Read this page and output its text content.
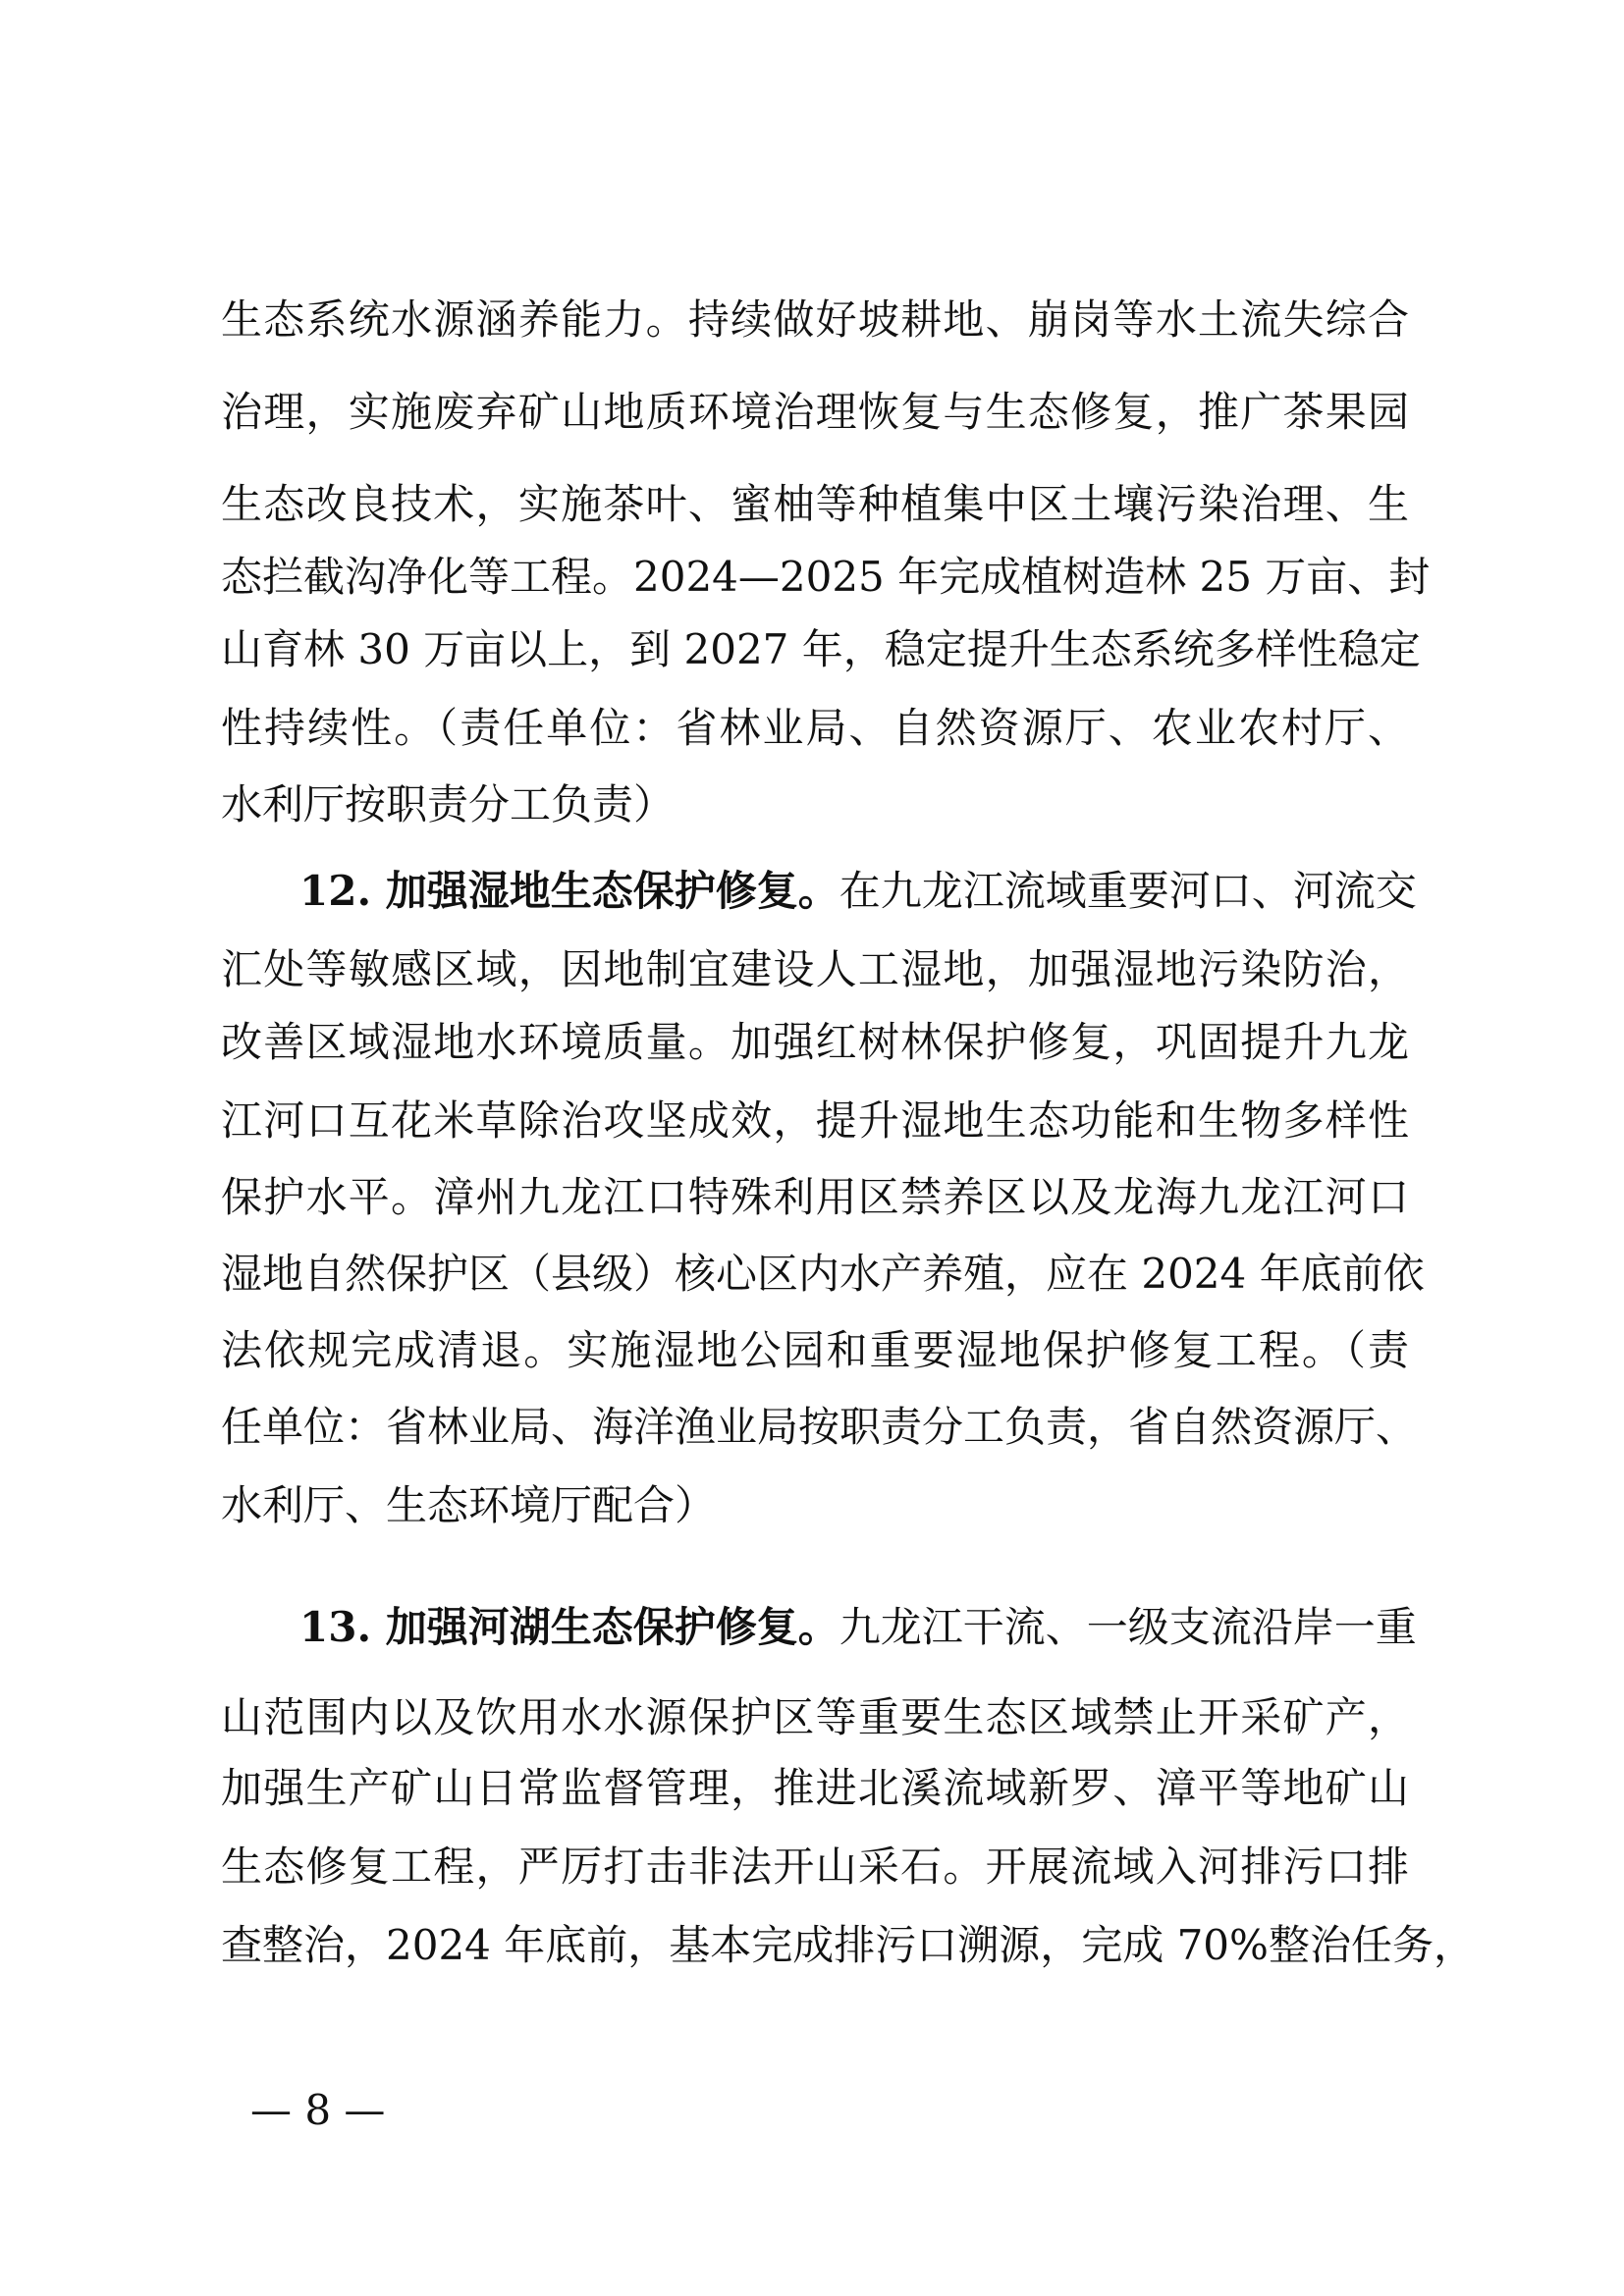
生态系统水源涵养能力。持续做好坡耕地、崩岗等水土流失综合
治理，实施废弃矿山地质环境治理恢复与生态修复，推广茶果园
生态改良技术，实施茶叶、蜜柚等种植集中区土壤污染治理、生
态拦截沟净化等工程。2024—2025 年完成植树造林 25 万亩、封
山育林 30 万亩以上，到 2027 年，稳定提升生态系统多样性稳定
性持续性。（责任单位：省林业局、自然资源厅、农业农村厅、
水利厅按职责分工负责）
12. 加强湿地生态保护修复。在九龙江流域重要河口、河流交
汇处等敏感区域，因地制宜建设人工湿地，加强湿地污染防治，
改善区域湿地水环境质量。加强红树林保护修复，巩固提升九龙
江河口互花米草除治攻坚成效，提升湿地生态功能和生物多样性
保护水平。漳州九龙江口特殊利用区禁养区以及龙海九龙江河口
湿地自然保护区（县级）核心区内水产养殖，应在 2024 年底前依
法依规完成清退。实施湿地公园和重要湿地保护修复工程。（责
任单位：省林业局、海洋渔业局按职责分工负责，省自然资源厅、
水利厅、生态环境厅配合）
13. 加强河湖生态保护修复。九龙江干流、一级支流沿岸一重
山范围内以及饮用水水源保护区等重要生态区域禁止开采矿产，
加强生产矿山日常监督管理，推进北溪流域新罗、漳平等地矿山
生态修复工程，严厉打击非法开山采石。开展流域入河排污口排
查整治，2024 年底前，基本完成排污口溯源，完成 70%整治任务，
— 8 —
